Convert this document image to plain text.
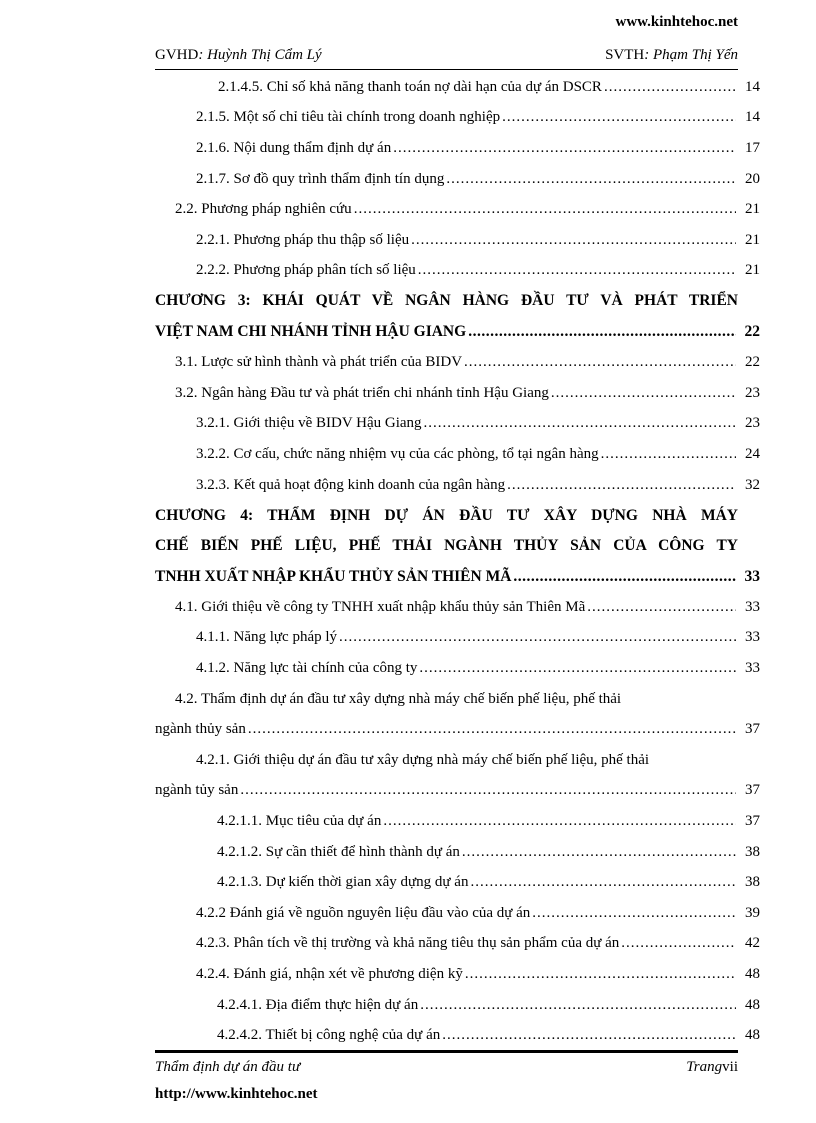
www.kinhtehoc.net
GVHD: Huỳnh Thị Cẩm Lý	SVTH: Phạm Thị Yến
2.1.4.5. Chỉ số khả năng thanh toán nợ dài hạn của dự án DSCR .....	14
2.1.5. Một số chỉ tiêu tài chính trong doanh nghiệp .....	14
2.1.6. Nội dung thẩm định dự án .....	17
2.1.7. Sơ đồ quy trình thẩm định tín dụng .....	20
2.2. Phương pháp nghiên cứu .....	21
2.2.1. Phương pháp thu thập số liệu .....	21
2.2.2. Phương pháp phân tích số liệu .....	21
CHƯƠNG 3: KHÁI QUÁT VỀ NGÂN HÀNG ĐẦU TƯ VÀ PHÁT TRIỂN
VIỆT NAM CHI NHÁNH TỈNH HẬU GIANG .....	22
3.1. Lược sử hình thành và phát triển của BIDV .....	22
3.2. Ngân hàng Đầu tư và phát triển chi nhánh tỉnh Hậu Giang .....	23
3.2.1. Giới thiệu về BIDV Hậu Giang .....	23
3.2.2. Cơ cấu, chức năng nhiệm vụ của các phòng, tổ tại ngân hàng .....	24
3.2.3. Kết quả hoạt động kinh doanh của ngân hàng .....	32
CHƯƠNG 4: THẨM ĐỊNH DỰ ÁN ĐẦU TƯ XÂY DỰNG NHÀ MÁY
CHẾ BIẾN PHẾ LIỆU, PHẾ THẢI NGÀNH THỦY SẢN CỦA CÔNG TY
TNHH XUẤT NHẬP KHẨU THỦY SẢN THIÊN MÃ .....	33
4.1. Giới thiệu về công ty TNHH xuất nhập khẩu thủy sản Thiên Mã .....	33
4.1.1. Năng lực pháp lý .....	33
4.1.2. Năng lực tài chính của công ty .....	33
4.2. Thẩm định dự án đầu tư xây dựng nhà máy chế biến phế liệu, phế thải
ngành thủy sản .....	37
4.2.1. Giới thiệu dự án đầu tư xây dựng nhà máy chế biến phế liệu, phế thải
ngành tủy sản .....	37
4.2.1.1. Mục tiêu của dự án .....	37
4.2.1.2. Sự cần thiết để hình thành dự án .....	38
4.2.1.3. Dự kiến thời gian xây dựng dự án .....	38
4.2.2 Đánh giá về nguồn nguyên liệu đầu vào của dự án .....	39
4.2.3. Phân tích về thị trường và khả năng tiêu thụ sản phẩm của dự án .....	42
4.2.4. Đánh giá, nhận xét về phương diện kỹ .....	48
4.2.4.1. Địa điểm thực hiện dự án .....	48
4.2.4.2. Thiết bị công nghệ của dự án .....	48
Thẩm định dự án đầu tư	Trangvii
http://www.kinhtehoc.net
